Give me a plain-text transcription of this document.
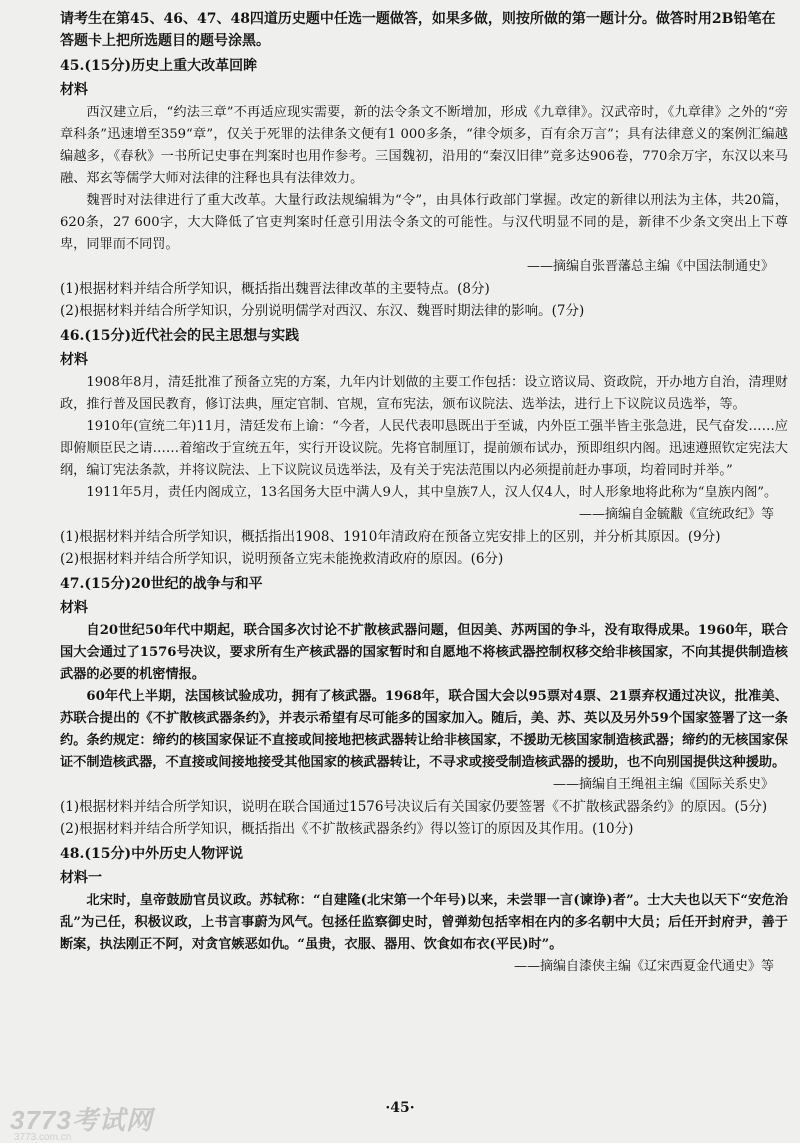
请考生在第45、46、47、48四道历史题中任选一题做答，如果多做，则按所做的第一题计分。做答时用2B铅笔在答题卡上把所选题目的题号涂黑。

45.(15分)历史上重大改革回眸

材料

西汉建立后，“约法三章”不再适应现实需要，新的法令条文不断增加，形成《九章律》。汉武帝时，《九章律》之外的“旁章科条”迅速增至359“章”，仅关于死罪的法律条文便有1 000多条，“律令烦多，百有余万言”；具有法律意义的案例汇编越编越多，《春秋》一书所记史事在判案时也用作参考。三国魏初，沿用的“秦汉旧律”竟多达906卷，770余万字，东汉以来马融、郑玄等儒学大师对法律的注释也具有法律效力。

魏晋时对法律进行了重大改革。大量行政法规编辑为“令”，由具体行政部门掌握。改定的新律以刑法为主体，共20篇，620条，27 600字，大大降低了官吏判案时任意引用法令条文的可能性。与汉代明显不同的是，新律不少条文突出上下尊卑，同罪而不同罚。

——摘编自张晋藩总主编《中国法制通史》

(1)根据材料并结合所学知识，概括指出魏晋法律改革的主要特点。(8分)

(2)根据材料并结合所学知识，分别说明儒学对西汉、东汉、魏晋时期法律的影响。(7分)

46.(15分)近代社会的民主思想与实践

材料

1908年8月，清廷批准了预备立宪的方案，九年内计划做的主要工作包括：设立谘议局、资政院，开办地方自治，清理财政，推行普及国民教育，修订法典，厘定官制、官规，宣布宪法，颁布议院法、选举法，进行上下议院议员选举，等。

1910年(宣统二年)11月，清廷发布上谕：“今者，人民代表叩恳既出于至诚，内外臣工强半皆主张急进，民气奋发……应即俯顺臣民之请……着缩改于宣统五年，实行开设议院。先将官制厘订，提前颁布试办，预即组织内阁。迅速遵照钦定宪法大纲，编订宪法条款，并将议院法、上下议院议员选举法，及有关于宪法范围以内必须提前赶办事项，均着同时并举。”

1911年5月，责任内阁成立，13名国务大臣中满人9人，其中皇族7人，汉人仅4人，时人形象地将此称为“皇族内阁”。

——摘编自金毓黻《宣统政纪》等

(1)根据材料并结合所学知识，概括指出1908、1910年清政府在预备立宪安排上的区别，并分析其原因。(9分)

(2)根据材料并结合所学知识，说明预备立宪未能挽救清政府的原因。(6分)

47.(15分)20世纪的战争与和平

材料

自20世纪50年代中期起，联合国多次讨论不扩散核武器问题，但因美、苏两国的争斗，没有取得成果。1960年，联合国大会通过了1576号决议，要求所有生产核武器的国家暂时和自愿地不将核武器控制权移交给非核国家，不向其提供制造核武器的必要的机密情报。

60年代上半期，法国核试验成功，拥有了核武器。1968年，联合国大会以95票对4票、21票弃权通过决议，批准美、苏联合提出的《不扩散核武器条约》，并表示希望有尽可能多的国家加入。随后，美、苏、英以及另外59个国家签署了这一条约。条约规定：缔约的核国家保证不直接或间接地把核武器转让给非核国家，不援助无核国家制造核武器；缔约的无核国家保证不制造核武器，不直接或间接地接受其他国家的核武器转让，不寻求或接受制造核武器的援助，也不向别国提供这种援助。

——摘编自王绳祖主编《国际关系史》

(1)根据材料并结合所学知识，说明在联合国通过1576号决议后有关国家仍要签署《不扩散核武器条约》的原因。(5分)

(2)根据材料并结合所学知识，概括指出《不扩散核武器条约》得以签订的原因及其作用。(10分)

48.(15分)中外历史人物评说

材料一

北宋时，皇帝鼓励官员议政。苏轼称：“自建隆(北宋第一个年号)以来，未尝罪一言(谏诤)者”。士大夫也以天下“安危治乱”为己任，积极议政，上书言事蔚为风气。包拯任监察御史时，曾弹劾包括宰相在内的多名朝中大员；后任开封府尹，善于断案，执法刚正不阿，对贪官嫉恶如仇。“虽贵，衣服、器用、饮食如布衣(平民)时”。

——摘编自漆侠主编《辽宋西夏金代通史》等

3773考试网
3773.com.cn
·45·
